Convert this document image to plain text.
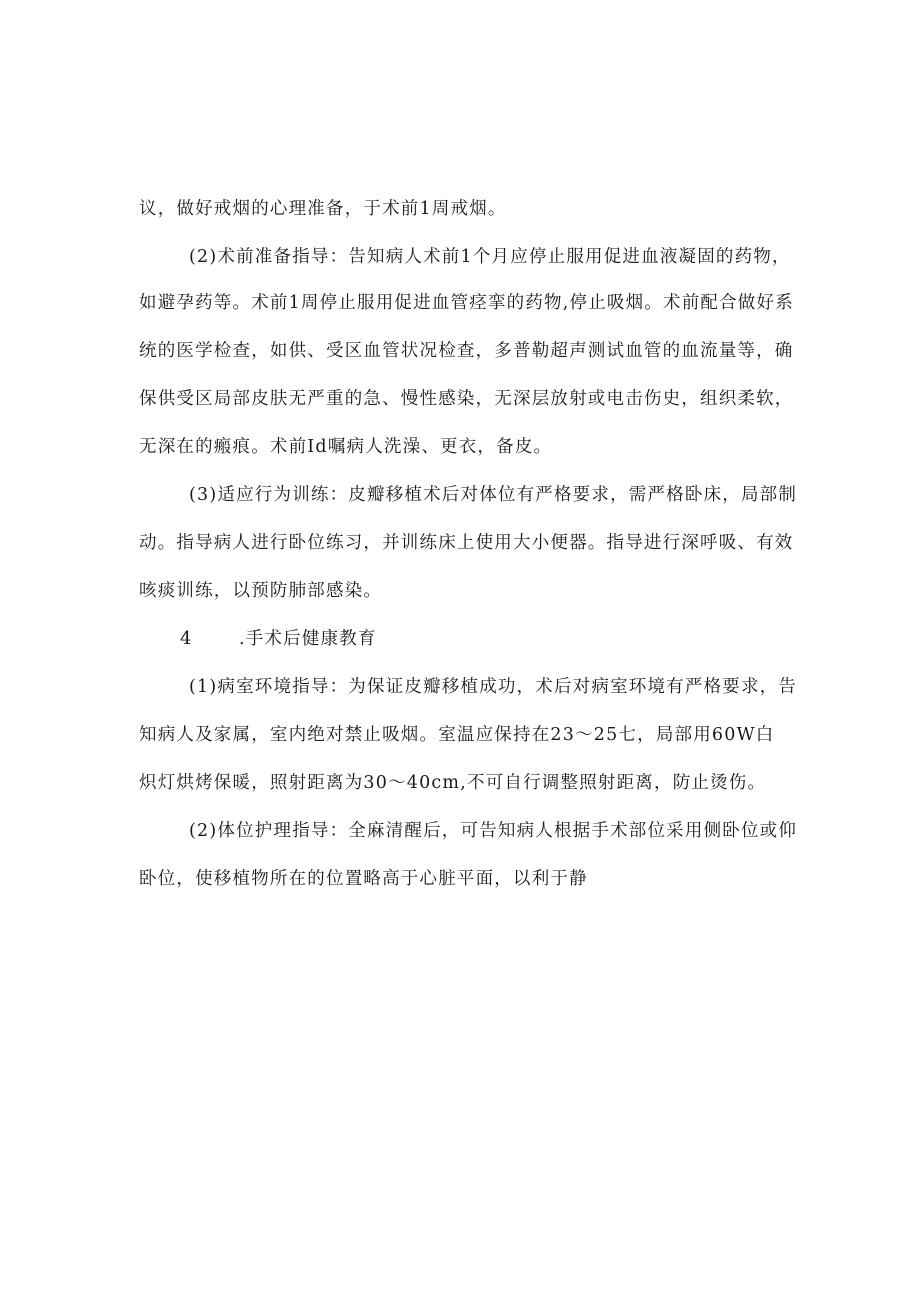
议，做好戒烟的心理准备，于术前1周戒烟。
(2)术前准备指导：告知病人术前1个月应停止服用促进血液凝固的药物，
如避孕药等。术前1周停止服用促进血管痉挛的药物,停止吸烟。术前配合做好系
统的医学检查，如供、受区血管状况检查，多普勒超声测试血管的血流量等，确
保供受区局部皮肤无严重的急、慢性感染，无深层放射或电击伤史，组织柔软，
无深在的瘢痕。术前Id嘱病人洗澡、更衣，备皮。
(3)适应行为训练：皮瓣移植术后对体位有严格要求，需严格卧床，局部制
动。指导病人进行卧位练习，并训练床上使用大小便器。指导进行深呼吸、有效
咳痰训练，以预防肺部感染。
4	.手术后健康教育
(1)病室环境指导：为保证皮瓣移植成功，术后对病室环境有严格要求，告
知病人及家属，室内绝对禁止吸烟。室温应保持在23～25七，局部用60W白
炽灯烘烤保暖，照射距离为30～40cm,不可自行调整照射距离，防止烫伤。
(2)体位护理指导：全麻清醒后，可告知病人根据手术部位采用侧卧位或仰
卧位，使移植物所在的位置略高于心脏平面，以利于静
